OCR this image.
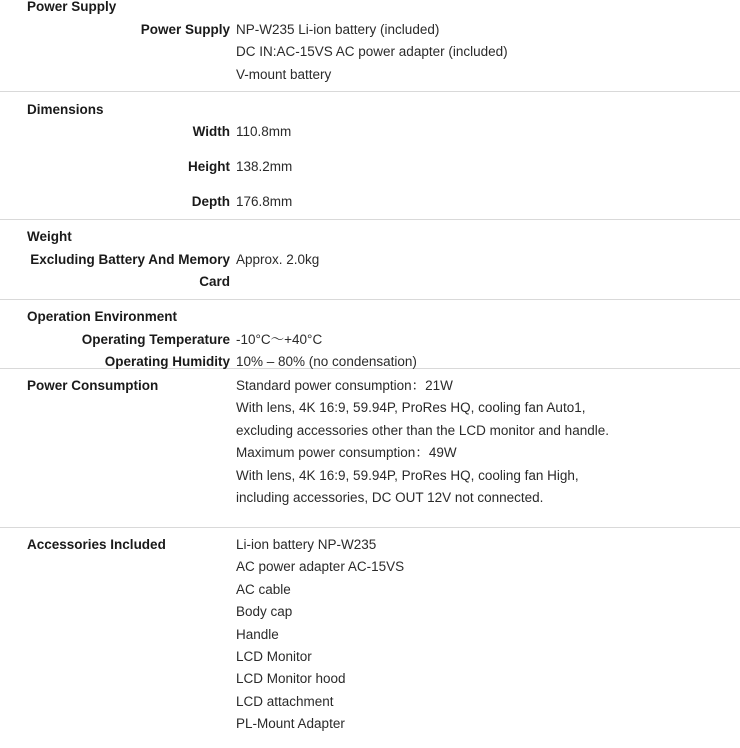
Power Supply
Power Supply NP-W235 Li-ion battery (included)
DC IN:AC-15VS AC power adapter (included)
V-mount battery
Dimensions
Width 110.8mm
Height 138.2mm
Depth 176.8mm
Weight
Excluding Battery And Memory
Card
Approx. 2.0kg
Operation Environment
Operating Temperature -10°C〜+40°C
Operating Humidity 10% – 80% (no condensation)
Power Consumption	Standard power consumption：21W
With lens, 4K 16:9, 59.94P, ProRes HQ, cooling fan Auto1,
excluding accessories other than the LCD monitor and handle.
Maximum power consumption：49W
With lens, 4K 16:9, 59.94P, ProRes HQ, cooling fan High,
including accessories, DC OUT 12V not connected.
Accessories Included	Li-ion battery NP-W235
AC power adapter AC-15VS
AC cable
Body cap
Handle
LCD Monitor
LCD Monitor hood
LCD attachment
PL-Mount Adapter
